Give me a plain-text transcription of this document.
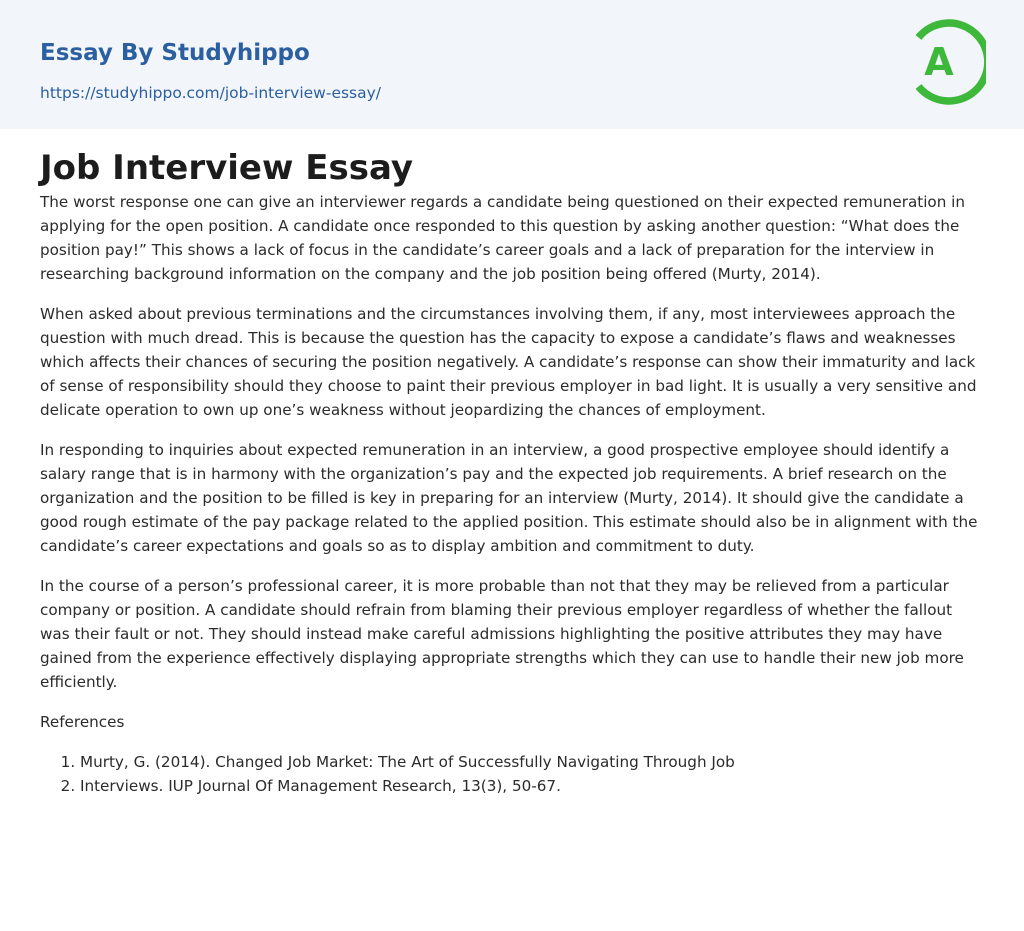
Essay By Studyhippo
https://studyhippo.com/job-interview-essay/
A
Job Interview Essay

The worst response one can give an interviewer regards a candidate being questioned on their expected remuneration in applying for the open position. A candidate once responded to this question by asking another question: “What does the position pay!” This shows a lack of focus in the candidate’s career goals and a lack of preparation for the interview in researching background information on the company and the job position being offered (Murty, 2014).

When asked about previous terminations and the circumstances involving them, if any, most interviewees approach the question with much dread. This is because the question has the capacity to expose a candidate’s flaws and weaknesses which affects their chances of securing the position negatively. A candidate’s response can show their immaturity and lack of sense of responsibility should they choose to paint their previous employer in bad light. It is usually a very sensitive and delicate operation to own up one’s weakness without jeopardizing the chances of employment.

In responding to inquiries about expected remuneration in an interview, a good prospective employee should identify a salary range that is in harmony with the organization’s pay and the expected job requirements. A brief research on the organization and the position to be filled is key in preparing for an interview (Murty, 2014). It should give the candidate a good rough estimate of the pay package related to the applied position. This estimate should also be in alignment with the candidate’s career expectations and goals so as to display ambition and commitment to duty.

In the course of a person’s professional career, it is more probable than not that they may be relieved from a particular company or position. A candidate should refrain from blaming their previous employer regardless of whether the fallout was their fault or not. They should instead make careful admissions highlighting the positive attributes they may have gained from the experience effectively displaying appropriate strengths which they can use to handle their new job more efficiently.

References

1. Murty, G. (2014). Changed Job Market: The Art of Successfully Navigating Through Job
2. Interviews. IUP Journal Of Management Research, 13(3), 50-67.
